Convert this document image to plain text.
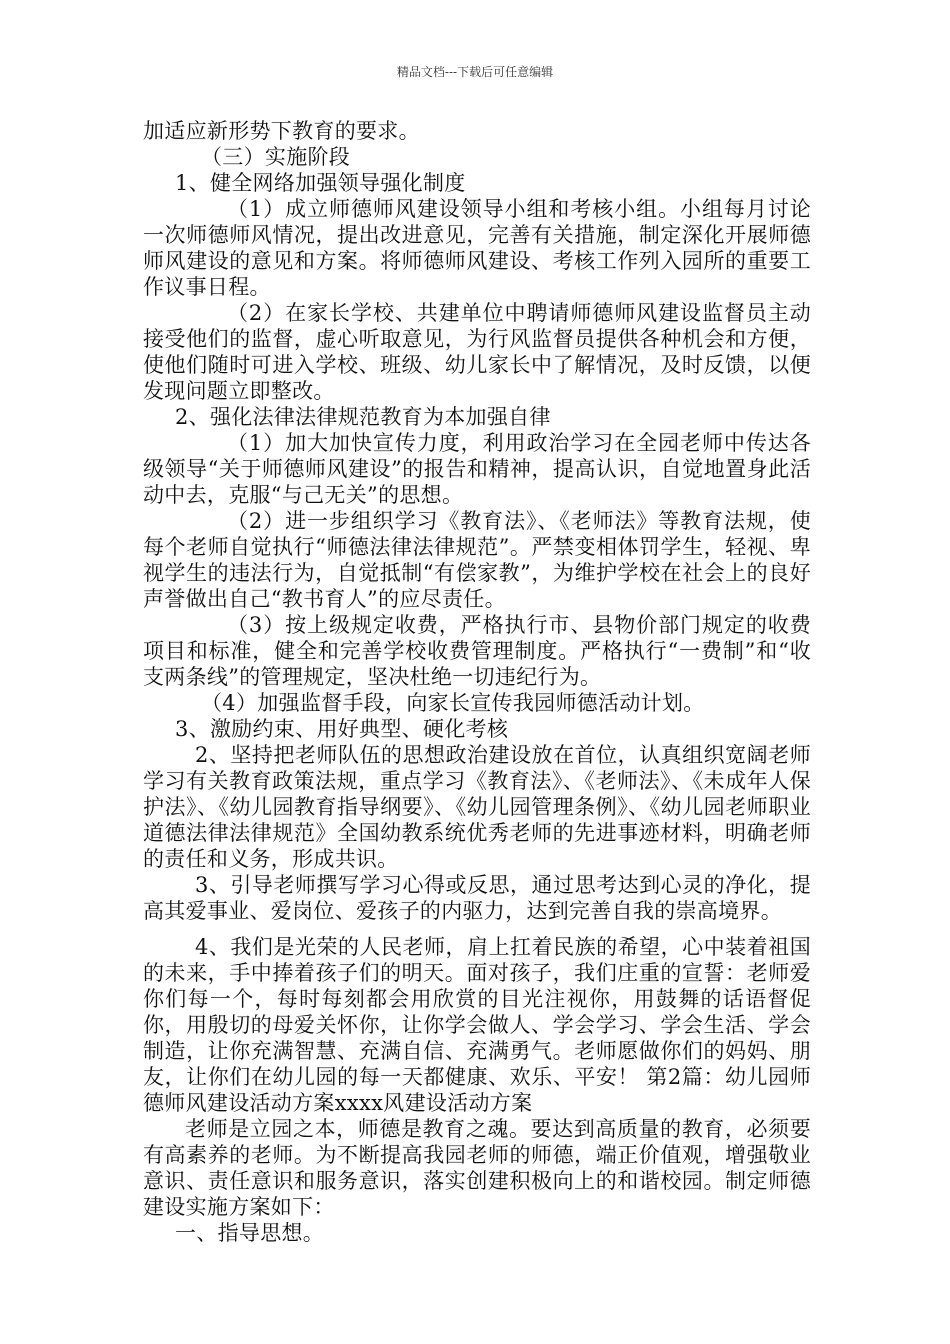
精品文档---下载后可任意编辑

加适应新形势下教育的要求。

（三）实施阶段

1、健全网络加强领导强化制度

（1）成立师德师风建设领导小组和考核小组。小组每月讨论一次师德师风情况，提出改进意见，完善有关措施，制定深化开展师德师风建设的意见和方案。将师德师风建设、考核工作列入园所的重要工作议事日程。

（2）在家长学校、共建单位中聘请师德师风建设监督员主动接受他们的监督，虚心听取意见，为行风监督员提供各种机会和方便，使他们随时可进入学校、班级、幼儿家长中了解情况，及时反馈，以便发现问题立即整改。

2、强化法律法律规范教育为本加强自律

（1）加大加快宣传力度，利用政治学习在全园老师中传达各级领导“关于师德师风建设”的报告和精神，提高认识，自觉地置身此活动中去，克服“与己无关”的思想。

（2）进一步组织学习《教育法》、《老师法》等教育法规，使每个老师自觉执行“师德法律法律规范”。严禁变相体罚学生，轻视、卑视学生的违法行为，自觉抵制“有偿家教”，为维护学校在社会上的良好声誉做出自己“教书育人”的应尽责任。

（3）按上级规定收费，严格执行市、县物价部门规定的收费项目和标准，健全和完善学校收费管理制度。严格执行“一费制”和“收支两条线”的管理规定，坚决杜绝一切违纪行为。

（4）加强监督手段，向家长宣传我园师德活动计划。

3、激励约束、用好典型、硬化考核

2、坚持把老师队伍的思想政治建设放在首位，认真组织宽阔老师学习有关教育政策法规，重点学习《教育法》、《老师法》、《未成年人保护法》、《幼儿园教育指导纲要》、《幼儿园管理条例》、《幼儿园老师职业道德法律法律规范》全国幼教系统优秀老师的先进事迹材料，明确老师的责任和义务，形成共识。

3、引导老师撰写学习心得或反思，通过思考达到心灵的净化，提高其爱事业、爱岗位、爱孩子的内驱力，达到完善自我的崇高境界。

4、我们是光荣的人民老师，肩上扛着民族的希望，心中装着祖国的未来，手中捧着孩子们的明天。面对孩子，我们庄重的宣誓：老师爱你们每一个，每时每刻都会用欣赏的目光注视你，用鼓舞的话语督促你，用殷切的母爱关怀你，让你学会做人、学会学习、学会生活、学会制造，让你充满智慧、充满自信、充满勇气。老师愿做你们的妈妈、朋友，让你们在幼儿园的每一天都健康、欢乐、平安！ 第2篇：幼儿园师德师风建设活动方案xxxx风建设活动方案

老师是立园之本，师德是教育之魂。要达到高质量的教育，必须要有高素养的老师。为不断提高我园老师的师德，端正价值观，增强敬业意识、责任意识和服务意识，落实创建积极向上的和谐校园。制定师德建设实施方案如下：

一、指导思想。
